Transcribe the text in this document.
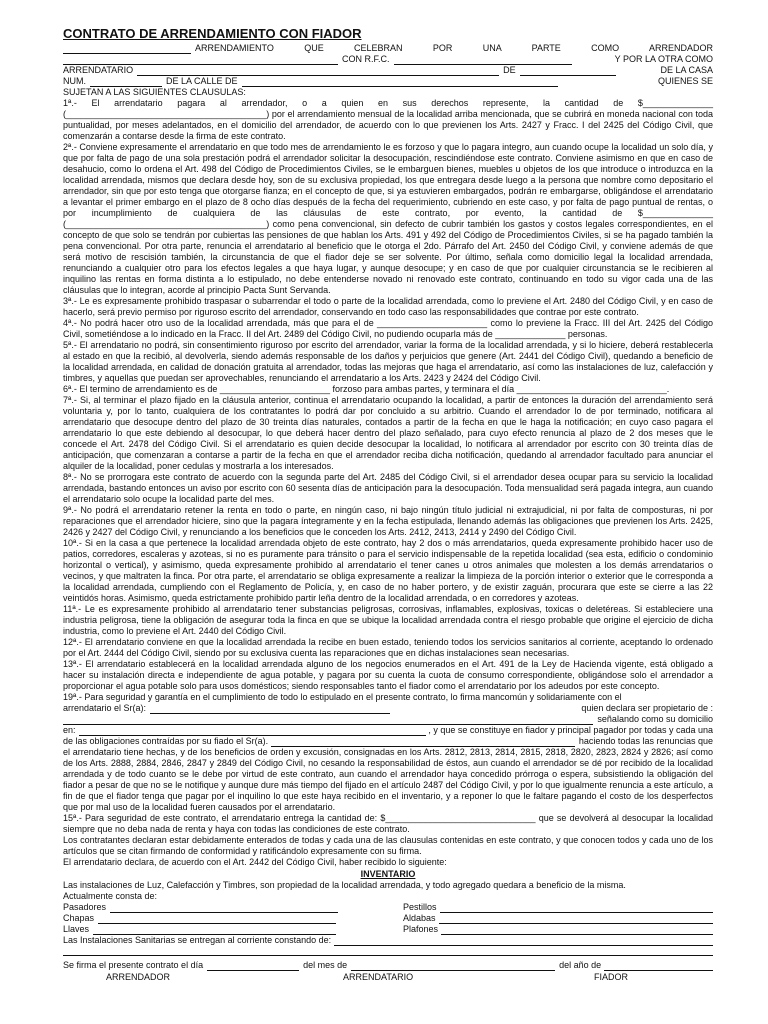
CONTRATO DE ARRENDAMIENTO CON FIADOR
ARRENDAMIENTO QUE CELEBRAN POR UNA PARTE COMO ARRENDADOR
CON R.F.C.	Y POR LA OTRA COMO
ARRENDATARIO	DE	DE LA CASA
NUM.	DE LA CALLE DE	QUIENES SE
SUJETAN A LAS SIGUIENTES CLAUSULAS:
1ª.- El arrendatario pagara al arrendador, o a quien en sus derechos represente, la cantidad de $______________ (________________________________________) por el arrendamiento mensual de la localidad arriba mencionada, que se cubrirá en moneda nacional con toda puntualidad, por meses adelantados, en el domicilio del arrendador, de acuerdo con lo que previenen los Arts. 2427 y Fracc. I del 2425 del Código Civil, que comenzarán a contarse desde la firma de este contrato.
2ª.- Conviene expresamente el arrendatario en que todo mes de arrendamiento le es forzoso y que lo pagara integro, aun cuando ocupe la localidad un solo día, y que por falta de pago de una sola prestación podrá el arrendador solicitar la desocupación, rescindiéndose este contrato. Conviene asimismo en que en caso de desahucio, como lo ordena el Art. 498 del Código de Procedimientos Civiles, se le embarguen bienes, muebles u objetos de los que introduce o introduzca en la localidad arrendada, mismos que declara desde hoy, son de su exclusiva propiedad, los que entregara desde luego a la persona que nombre como depositario el arrendador, sin que por esto tenga que otorgarse fianza; en el concepto de que, si ya estuvieren embargados, podrán re embargarse, obligándose el arrendatario a levantar el primer embargo en el plazo de 8 ocho días después de la fecha del requerimiento, cubriendo en este caso, y por falta de pago puntual de rentas, o por incumplimiento de cualquiera de las cláusulas de este contrato, por evento, la cantidad de $______________ (________________________________________) como pena convencional, sin defecto de cubrir también los gastos y costos legales correspondientes, en el concepto de que solo se tendrán por cubiertas las pensiones de que hablan los Arts. 491 y 492 del Código de Procedimientos Civiles, si se ha pagado también la pena convencional. Por otra parte, renuncia el arrendatario al beneficio que le otorga el 2do. Párrafo del Art. 2450 del Código Civil, y conviene además de que será motivo de rescisión también, la circunstancia de que el fiador deje se ser solvente. Por último, señala como domicilio legal la localidad arrendada, renunciando a cualquier otro para los efectos legales a que haya lugar, y aunque desocupe; y en caso de que por cualquier circunstancia se le recibieren al inquilino las rentas en forma distinta a lo estipulado, no debe entenderse novado ni renovado este contrato, continuando en todo su vigor cada una de las cláusulas que lo integran, acorde al principio Pacta Sunt Servanda.
3ª.- Le es expresamente prohibido traspasar o subarrendar el todo o parte de la localidad arrendada, como lo previene el Art. 2480 del Código Civil, y en caso de hacerlo, será previo permiso por riguroso escrito del arrendador, conservando en todo caso las responsabilidades que contrae por este contrato.
4ª.- No podrá hacer otro uso de la localidad arrendada, más que para el de ______________________ como lo previene la Fracc. III del Art. 2425 del Código Civil, sometiéndose a lo indicado en la Fracc. II del Art. 2489 del Código Civil, no pudiendo ocuparla más de ______________ personas.
5ª.- El arrendatario no podrá, sin consentimiento riguroso por escrito del arrendador, variar la forma de la localidad arrendada, y si lo hiciere, deberá restablecerla al estado en que la recibió, al devolverla, siendo además responsable de los daños y perjuicios que genere (Art. 2441 del Código Civil), quedando a beneficio de la localidad arrendada, en calidad de donación gratuita al arrendador, todas las mejoras que haga el arrendatario, así como las instalaciones de luz, calefacción y timbres, y aquellas que puedan ser aprovechables, renunciando el arrendatario a los Arts. 2423 y 2424 del Código Civil.
6ª.- El termino de arrendamiento es de ______________________ forzoso para ambas partes, y terminara el día ______________________________.
7ª.- Si, al terminar el plazo fijado en la cláusula anterior, continua el arrendatario ocupando la localidad, a partir de entonces la duración del arrendamiento será voluntaria y, por lo tanto, cualquiera de los contratantes lo podrá dar por concluido a su arbitrio. Cuando el arrendador lo de por terminado, notificara al arrendatario que desocupe dentro del plazo de 30 treinta días naturales, contados a partir de la fecha en que le haga la notificación; en cuyo caso pagara el arrendatario lo que este debiendo al desocupar, lo que deberá hacer dentro del plazo señalado, para cuyo efecto renuncia al plazo de 2 dos meses que le concede el Art. 2478 del Código Civil. Si el arrendatario es quien decide desocupar la localidad, lo notificara al arrendador por escrito con 30 treinta días de anticipación, que comenzaran a contarse a partir de la fecha en que el arrendador reciba dicha notificación, quedando al arrendador facultado para anunciar el alquiler de la localidad, poner cedulas y mostrarla a los interesados.
8ª.- No se prorrogara este contrato de acuerdo con la segunda parte del Art. 2485 del Código Civil, si el arrendador desea ocupar para su servicio la localidad arrendada, bastando entonces un aviso por escrito con 60 sesenta días de anticipación para la desocupación. Toda mensualidad será pagada integra, aun cuando el arrendatario solo ocupe la localidad parte del mes.
9ª.- No podrá el arrendatario retener la renta en todo o parte, en ningún caso, ni bajo ningún título judicial ni extrajudicial, ni por falta de composturas, ni por reparaciones que el arrendador hiciere, sino que la pagara íntegramente y en la fecha estipulada, llenando además las obligaciones que previenen los Arts. 2425, 2426 y 2427 del Código Civil, y renunciando a los beneficios que le conceden los Arts. 2412, 2413, 2414 y 2490 del Código Civil.
10ª.- Si en la casa a que pertenece la localidad arrendada objeto de este contrato, hay 2 dos o más arrendatarios, queda expresamente prohibido hacer uso de patios, corredores, escaleras y azoteas, si no es puramente para tránsito o para el servicio indispensable de la repetida localidad (sea esta, edificio o condominio horizontal o vertical), y asimismo, queda expresamente prohibido al arrendatario el tener canes u otros animales que molesten a los demás arrendatarios o vecinos, y que maltraten la finca. Por otra parte, el arrendatario se obliga expresamente a realizar la limpieza de la porción interior o exterior que le corresponda a la localidad arrendada, cumpliendo con el Reglamento de Policía, y, en caso de no haber portero, y de existir zaguán, procurara que este se cierre a las 22 veintidós horas. Asimismo, queda estrictamente prohibido partir leña dentro de la localidad arrendada, o en corredores y azoteas.
11ª.- Le es expresamente prohibido al arrendatario tener substancias peligrosas, corrosivas, inflamables, explosivas, toxicas o deletéreas. Si estableciere una industria peligrosa, tiene la obligación de asegurar toda la finca en que se ubique la localidad arrendada contra el riesgo probable que origine el ejercicio de dicha industria, como lo previene el Art. 2440 del Código Civil.
12ª.- El arrendatario conviene en que la localidad arrendada la recibe en buen estado, teniendo todos los servicios sanitarios al corriente, aceptando lo ordenado por el Art. 2444 del Código Civil, siendo por su exclusiva cuenta las reparaciones que en dichas instalaciones sean necesarias.
13ª.- El arrendatario establecerá en la localidad arrendada alguno de los negocios enumerados en el Art. 491 de la Ley de Hacienda vigente, está obligado a hacer su instalación directa e independiente de agua potable, y pagara por su cuenta la cuota de consumo correspondiente, obligándose solo el arrendador a proporcionar el agua potable solo para usos domésticos; siendo responsables tanto el fiador como el arrendatario por los adeudos por este concepto.
19ª.- Para seguridad y garantía en el cumplimiento de todo lo estipulado en el presente contrato, lo firma mancomún y solidariamente con el
arrendatario el Sr(a):	quien declara ser propietario de :
señalando como su domicilio
en:	, y que se constituye en fiador y principal pagador por todas y cada una
de las obligaciones contraídas por su fiado el Sr(a).	haciendo todas las renuncias que
el arrendatario tiene hechas, y de los beneficios de orden y excusión, consignadas en los Arts. 2812, 2813, 2814, 2815, 2818, 2820, 2823, 2824 y 2826; así como de los Arts. 2888, 2884, 2846, 2847 y 2849 del Código Civil, no cesando la responsabilidad de éstos, aun cuando el arrendador se dé por recibido de la localidad arrendada y de todo cuanto se le debe por virtud de este contrato, aun cuando el arrendador haya concedido prórroga o espera, subsistiendo la obligación del fiador a pesar de que no se le notifique y aunque dure más tiempo del fijado en el artículo 2487 del Código Civil, y por lo que igualmente renuncia a este artículo, a fin de que el fiador tenga que pagar por el inquilino lo que este haya recibido en el inventario, y a reponer lo que le faltare pagando el costo de los desperfectos que por mal uso de la localidad fueren causados por el arrendatario.
15ª.- Para seguridad de este contrato, el arrendatario entrega la cantidad de: $______________________________ que se devolverá al desocupar la localidad siempre que no deba nada de renta y haya con todas las condiciones de este contrato.
Los contratantes declaran estar debidamente enterados de todas y cada una de las clausulas contenidas en este contrato, y que conocen todos y cada uno de los artículos que se citan firmando de conformidad y ratificándolo expresamente con su firma.
El arrendatario declara, de acuerdo con el Art. 2442 del Código Civil, haber recibido lo siguiente:
INVENTARIO
Las instalaciones de Luz, Calefacción y Timbres, son propiedad de la localidad arrendada, y todo agregado quedara a beneficio de la misma.
Actualmente consta de:
Pasadores	Pestillos
Chapas	Aldabas
Llaves	Plafones
Las Instalaciones Sanitarias se entregan al corriente constando de:
Se firma el presente contrato el día	del mes de	del año de
ARRENDADOR	ARRENDATARIO	FIADOR
